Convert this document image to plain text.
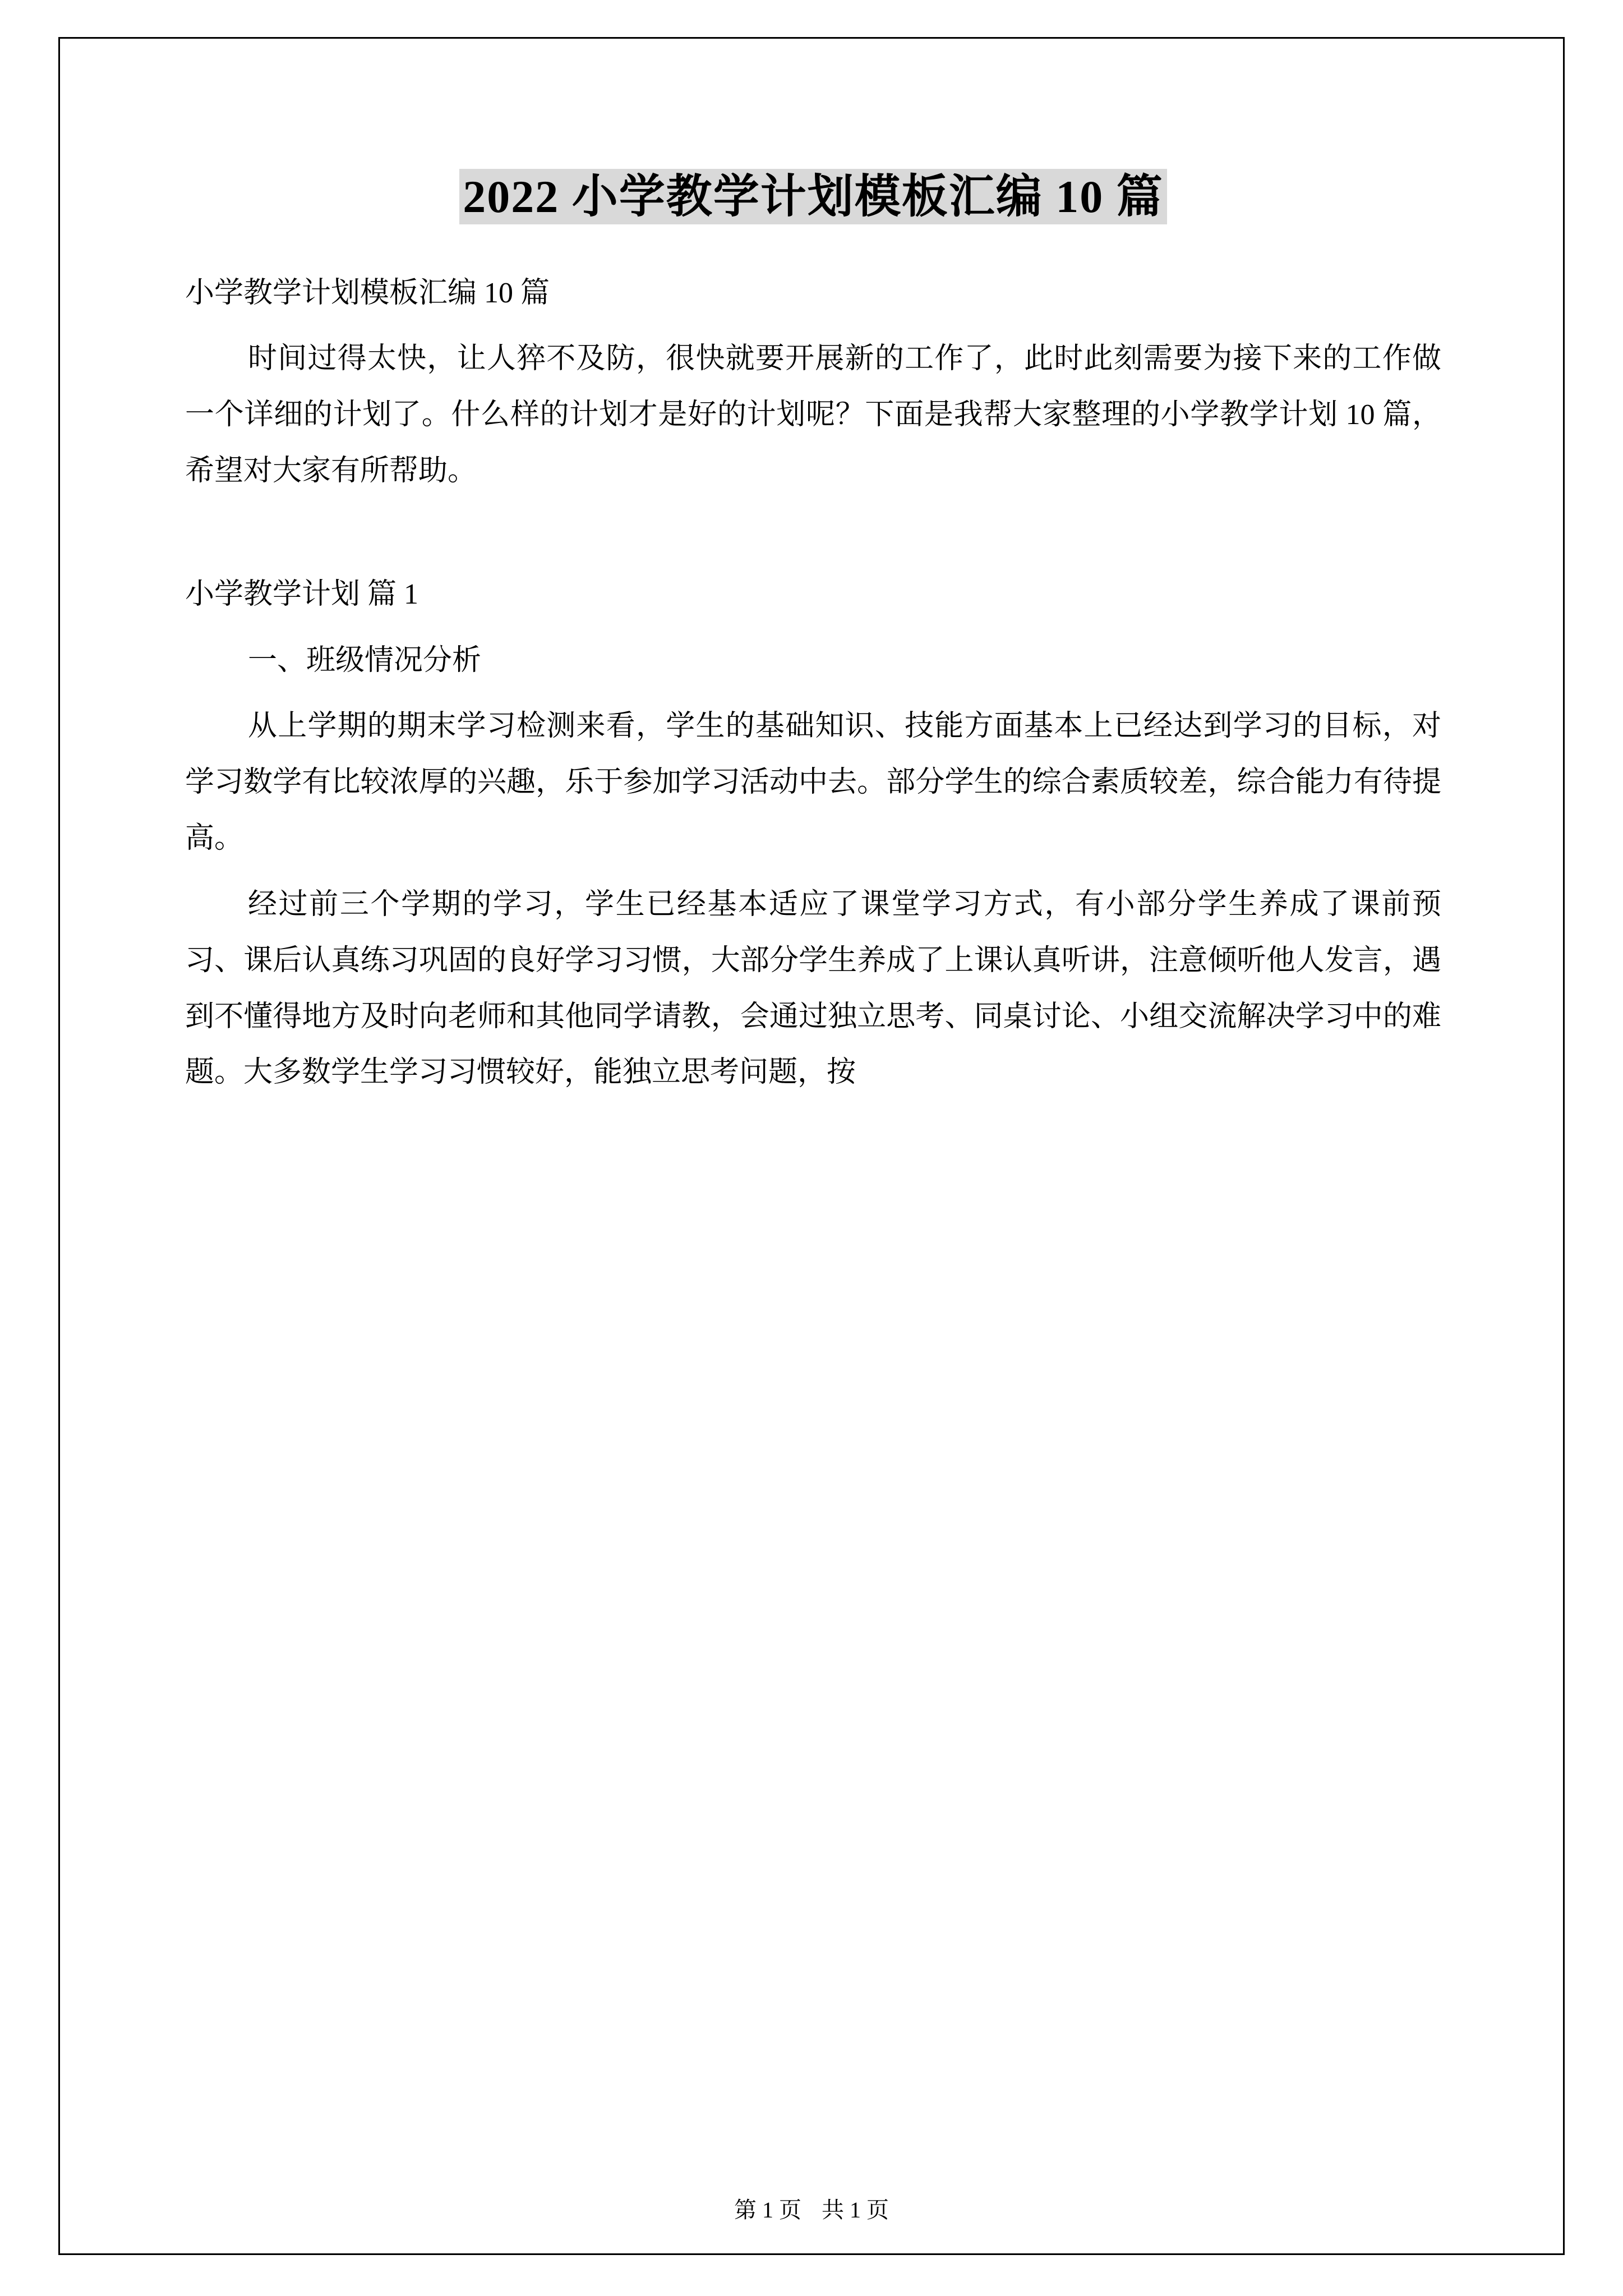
2022 小学教学计划模板汇编 10 篇

小学教学计划模板汇编 10 篇

时间过得太快，让人猝不及防，很快就要开展新的工作了，此时此刻需要为接下来的工作做一个详细的计划了。什么样的计划才是好的计划呢？下面是我帮大家整理的小学教学计划 10 篇，希望对大家有所帮助。

小学教学计划 篇 1

一、班级情况分析

从上学期的期末学习检测来看，学生的基础知识、技能方面基本上已经达到学习的目标，对学习数学有比较浓厚的兴趣，乐于参加学习活动中去。部分学生的综合素质较差，综合能力有待提高。

经过前三个学期的学习，学生已经基本适应了课堂学习方式，有小部分学生养成了课前预习、课后认真练习巩固的良好学习习惯，大部分学生养成了上课认真听讲，注意倾听他人发言，遇到不懂得地方及时向老师和其他同学请教，会通过独立思考、同桌讨论、小组交流解决学习中的难题。大多数学生学习习惯较好，能独立思考问题，按

第 1 页 共 1 页
